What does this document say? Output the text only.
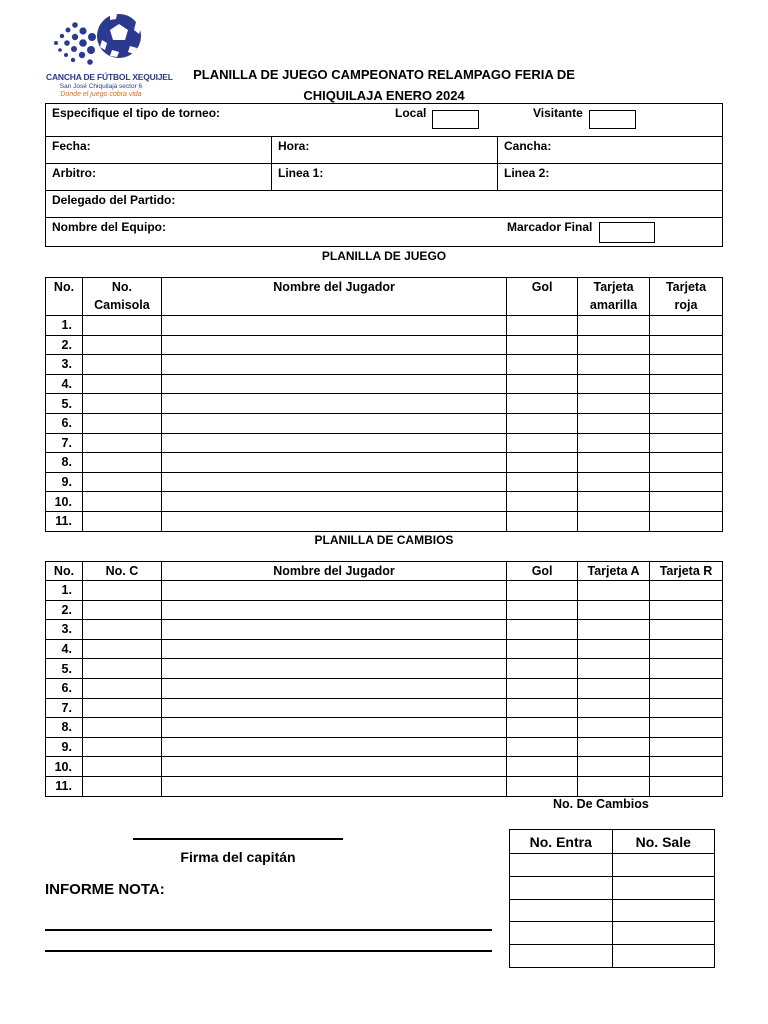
CANCHA DE FÚTBOL XEQUIJEL
San José Chiquilajá sector 6
Donde el juego cobra vida
PLANILLA DE JUEGO CAMPEONATO RELAMPAGO FERIA DE
CHIQUILAJA ENERO 2024
Especifique el tipo de torneo:	Local	Visitante
Fecha:	Hora:	Cancha:
Arbitro:	Linea 1:	Linea 2:
Delegado del Partido:
Nombre del Equipo:	Marcador Final
PLANILLA DE JUEGO
No.	No. Camisola	Nombre del Jugador	Gol	Tarjeta amarilla	Tarjeta roja
1.					
2.					
3.					
4.					
5.					
6.					
7.					
8.					
9.					
10.					
11.					
PLANILLA DE CAMBIOS
No.	No. C	Nombre del Jugador	Gol	Tarjeta A	Tarjeta R
1.					
2.					
3.					
4.					
5.					
6.					
7.					
8.					
9.					
10.					
11.					
No. De Cambios
No. Entra	No. Sale

Firma del capitán
INFORME NOTA:
